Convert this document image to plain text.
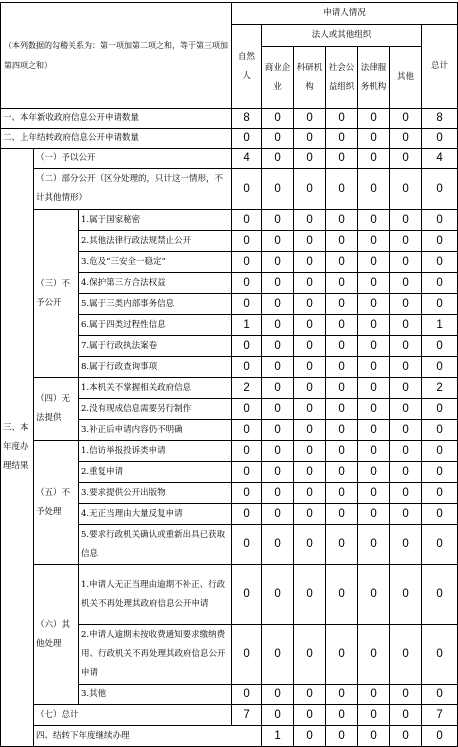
（本列数据的勾稽关系为：第一项加第二项之和，等于第三项加第四项之和）			申请人情况							
			自然人	法人或其他组织					总计	
				商业企业	科研机构	社会公益组织	法律服务机构	其他		
一、本年新收政府信息公开申请数量			8	0	0	0	0	0	8	
二、上年结转政府信息公开申请数量			0	0	0	0	0	0	0	
三、本年度办理结果	（一）予以公开		4	0	0	0	0	0	4	
	（二）部分公开（区分处理的，只计这一情形，不计其他情形）		0	0	0	0	0	0	0	
	（三）不予公开	1.属于国家秘密	0	0	0	0	0	0	0	
		2.其他法律行政法规禁止公开	0	0	0	0	0	0	0	
		3.危及“三安全一稳定”	0	0	0	0	0	0	0	
		4.保护第三方合法权益	0	0	0	0	0	0	0	
		5.属于三类内部事务信息	0	0	0	0	0	0	0	
		6.属于四类过程性信息	1	0	0	0	0	0	1	
		7.属于行政执法案卷	0	0	0	0	0	0	0	
		8.属于行政查询事项	0	0	0	0	0	0	0	
	（四）无法提供	1.本机关不掌握相关政府信息	2	0	0	0	0	0	2	
		2.没有现成信息需要另行制作	0	0	0	0	0	0	0	
		3.补正后申请内容仍不明确	0	0	0	0	0	0	0	
	（五）不予处理	1.信访举报投诉类申请	0	0	0	0	0	0	0	
		2.重复申请	0	0	0	0	0	0	0	
		3.要求提供公开出版物	0	0	0	0	0	0	0	
		4.无正当理由大量反复申请	0	0	0	0	0	0	0	
		5.要求行政机关确认或重新出具已获取信息	0	0	0	0	0	0	0	
	（六）其他处理	1.申请人无正当理由逾期不补正、行政机关不再处理其政府信息公开申请	0	0	0	0	0	0	0	
		2.申请人逾期未按收费通知要求缴纳费用、行政机关不再处理其政府信息公开申请	0	0	0	0	0	0	0	
		3.其他	0	0	0	0	0	0	0	
	（七）总计		7	0	0	0	0	0	7	
	四、结转下年度继续办理			1	0	0	0	0	0	
